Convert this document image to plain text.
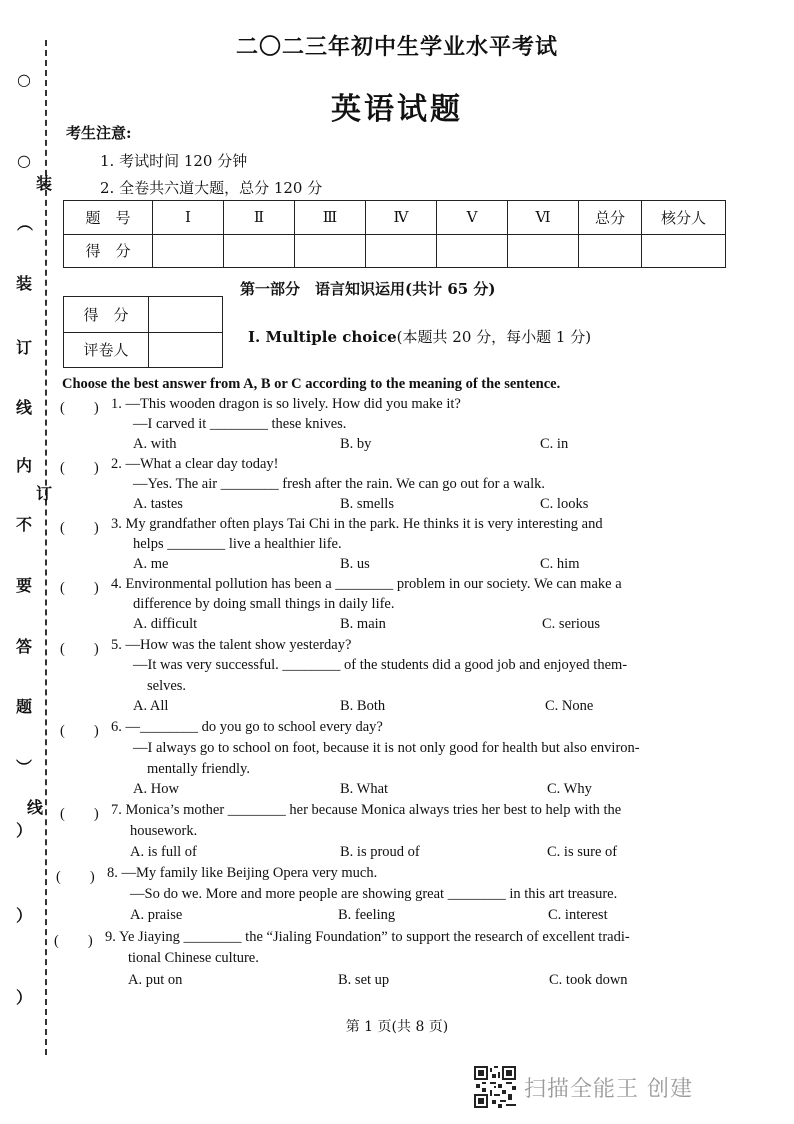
○
○
装
︵
装
订
线
内
不
要
答
题
︶
）
）
）
订
线
二〇二三年初中生学业水平考试
英语试题
考生注意:
1. 考试时间 120 分钟
2. 全卷共六道大题，总分 120 分
题　号	Ⅰ	Ⅱ	Ⅲ	Ⅳ	Ⅴ	Ⅵ	总分	核分人
得　分								
第一部分　语言知识运用(共计 65 分)
得　分	
评卷人	
Ⅰ. Multiple choice(本题共 20 分，每小题 1 分)
Choose the best answer from A, B or C according to the meaning of the sentence.
(　　) 1. —This wooden dragon is so lively. How did you make it?
—I carved it ________ these knives.
A. with	B. by	C. in
(　　) 2. —What a clear day today!
—Yes. The air ________ fresh after the rain. We can go out for a walk.
A. tastes	B. smells	C. looks
(　　) 3. My grandfather often plays Tai Chi in the park. He thinks it is very interesting and
helps ________ live a healthier life.
A. me	B. us	C. him
(　　) 4. Environmental pollution has been a ________ problem in our society. We can make a
difference by doing small things in daily life.
A. difficult	B. main	C. serious
(　　) 5. —How was the talent show yesterday?
—It was very successful. ________ of the students did a good job and enjoyed them-
selves.
A. All	B. Both	C. None
(　　) 6. —________ do you go to school every day?
—I always go to school on foot, because it is not only good for health but also environ-
mentally friendly.
A. How	B. What	C. Why
(　　) 7. Monica’s mother ________ her because Monica always tries her best to help with the
housework.
A. is full of	B. is proud of	C. is sure of
(　　) 8. —My family like Beijing Opera very much.
—So do we. More and more people are showing great ________ in this art treasure.
A. praise	B. feeling	C. interest
(　　) 9. Ye Jiaying ________ the “Jialing Foundation” to support the research of excellent tradi-
tional Chinese culture.
A. put on	B. set up	C. took down
第 1 页(共 8 页)
扫描全能王 创建
